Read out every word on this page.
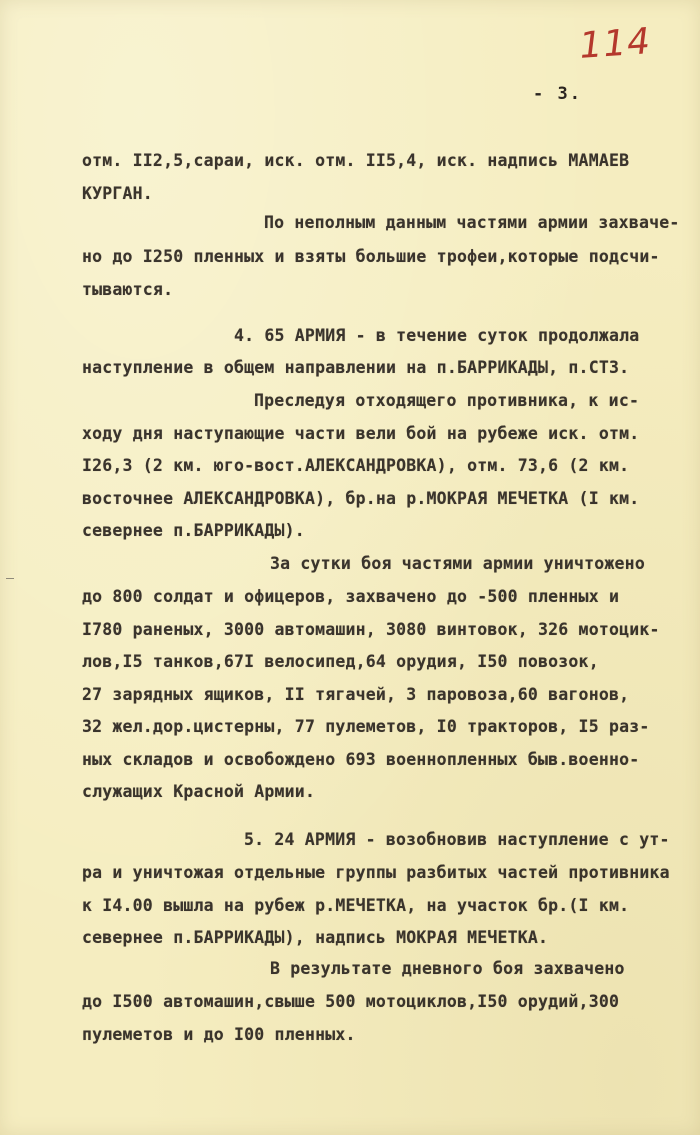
114
- 3.
отм. II2,5,сараи, иск. отм. II5,4, иск. надпись МАМАЕВ
КУРГАН.
По неполным данным частями армии захваче-
но до I250 пленных и взяты большие трофеи,которые подсчи-
тываются.
4. 65 АРМИЯ - в течение суток продолжала
наступление в общем направлении на п.БАРРИКАДЫ, п.СТЗ.
Преследуя отходящего противника, к ис-
ходу дня наступающие части вели бой на рубеже иск. отм.
I26,3 (2 км. юго-вост.АЛЕКСАНДРОВКА), отм. 73,6 (2 км.
восточнее АЛЕКСАНДРОВКА), бр.на р.МОКРАЯ МЕЧЕТКА (I км.
севернее п.БАРРИКАДЫ).
За сутки боя частями армии уничтожено
до 800 солдат и офицеров, захвачено до -500 пленных и
I780 раненых, 3000 автомашин, 3080 винтовок, 326 мотоцик-
лов,I5 танков,67I велосипед,64 орудия, I50 повозок,
27 зарядных ящиков, II тягачей, 3 паровоза,60 вагонов,
32 жел.дор.цистерны, 77 пулеметов, I0 тракторов, I5 раз-
ных складов и освобождено 693 военнопленных быв.военно-
служащих Красной Армии.
5. 24 АРМИЯ - возобновив наступление с ут-
ра и уничтожая отдельные группы разбитых частей противника
к I4.00 вышла на рубеж р.МЕЧЕТКА, на участок бр.(I км.
севернее п.БАРРИКАДЫ), надпись МОКРАЯ МЕЧЕТКА.
В результате дневного боя захвачено
до I500 автомашин,свыше 500 мотоциклов,I50 орудий,300
пулеметов и до I00 пленных.
